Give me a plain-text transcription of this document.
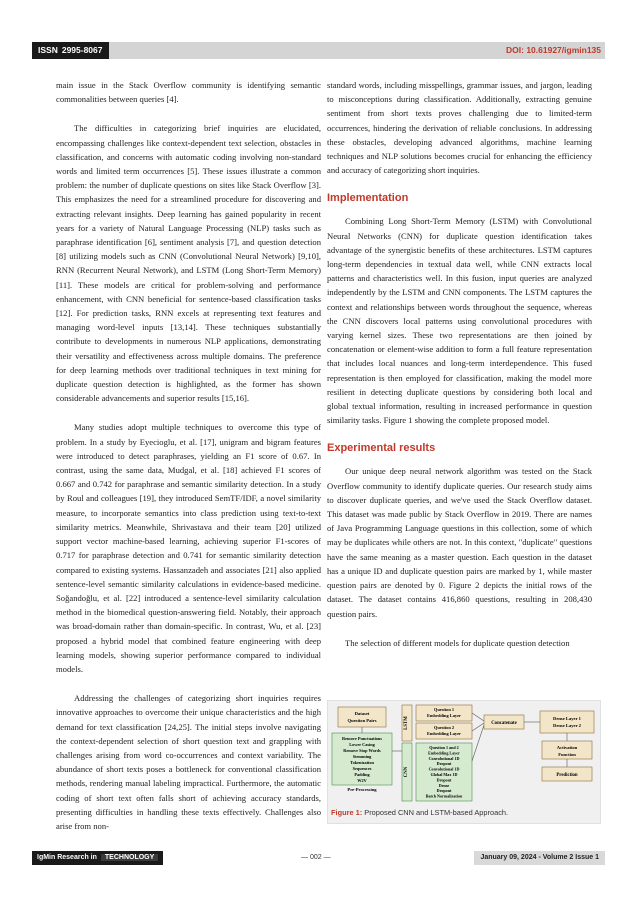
ISSN 2995-8067	DOI: 10.61927/igmin135

main issue in the Stack Overflow community is identifying semantic commonalities between queries [4].

The difficulties in categorizing brief inquiries are elucidated, encompassing challenges like context-dependent text selection, obstacles in classification, and concerns with automatic coding involving non-standard words and limited term occurrences [5]. These issues illustrate a common problem: the number of duplicate questions on sites like Stack Overflow [3]. This emphasizes the need for a streamlined procedure for discovering and extracting relevant insights. Deep learning has gained popularity in recent years for a variety of Natural Language Processing (NLP) tasks such as paraphrase identification [6], sentiment analysis [7], and question detection [8] utilizing models such as CNN (Convolutional Neural Network) [9,10], RNN (Recurrent Neural Network), and LSTM (Long Short-Term Memory) [11]. These models are critical for problem-solving and performance enhancement, with CNN beneficial for sentence-based classification tasks [12]. For prediction tasks, RNN excels at representing text features and managing word-level inputs [13,14]. These techniques substantially contribute to developments in numerous NLP applications, demonstrating their versatility and effectiveness across multiple domains. The preference for deep learning methods over traditional techniques in text mining for duplicate question detection is highlighted, as the former has shown considerable advancements and superior results [15,16].

Many studies adopt multiple techniques to overcome this type of problem. In a study by Eyecioglu, et al. [17], unigram and bigram features were introduced to detect paraphrases, yielding an F1 score of 0.67. In contrast, using the same data, Mudgal, et al. [18] achieved F1 scores of 0.667 and 0.742 for paraphrase and semantic similarity detection. In a study by Roul and colleagues [19], they introduced SemTF/IDF, a novel similarity measure, to incorporate semantics into class prediction using text-to-text similarity metrics. Meanwhile, Shrivastava and their team [20] utilized support vector machine-based learning, achieving superior F1-scores of 0.717 for paraphrase detection and 0.741 for semantic similarity detection compared to existing systems. Hassanzadeh and associates [21] also applied sentence-level semantic similarity calculations in evidence-based medicine. Soğandoğlu, et al. [22] introduced a sentence-level similarity calculation method in the biomedical question-answering field. Notably, their approach was broad-domain rather than domain-specific. In contrast, Wu, et al. [23] proposed a hybrid model that combined feature engineering with deep learning models, showing superior performance compared to individual models.

Addressing the challenges of categorizing short inquiries requires innovative approaches to overcome their unique characteristics and the high demand for text classification [24,25]. The initial steps involve navigating the context-dependent selection of short question text and grappling with challenges arising from word co-occurrences and context variability. The abundance of short texts poses a bottleneck for conventional classification methods, rendering manual labeling impractical. Furthermore, the automatic coding of short text often falls short of achieving accuracy standards, presenting difficulties in handling these texts effectively. Challenges also arise from non-

standard words, including misspellings, grammar issues, and jargon, leading to misconceptions during classification. Additionally, extracting genuine sentiment from short texts proves challenging due to limited-term occurrences, hindering the derivation of reliable conclusions. In addressing these obstacles, developing advanced algorithms, machine learning techniques and NLP solutions becomes crucial for enhancing the efficiency and accuracy of categorizing short inquiries.

Implementation

Combining Long Short-Term Memory (LSTM) with Convolutional Neural Networks (CNN) for duplicate question identification takes advantage of the synergistic benefits of these architectures. LSTM captures long-term dependencies in textual data well, while CNN extracts local patterns and characteristics well. In this fusion, input queries are analyzed independently by the LSTM and CNN components. The LSTM captures the context and relationships between words throughout the sequence, whereas the CNN discovers local patterns using convolutional procedures with varying kernel sizes. These two representations are then joined by concatenation or element-wise addition to form a full feature representation that includes local nuances and long-term interdependence. This fused representation is then employed for classification, making the model more resilient in detecting duplicate questions by considering both local and global textual information, resulting in increased performance in question similarity tasks. Figure 1 showing the complete proposed model.

Experimental results

Our unique deep neural network algorithm was tested on the Stack Overflow community to identify duplicate queries. Our research study aims to discover duplicate queries, and we've used the Stack Overflow dataset. This dataset was made public by Stack Overflow in 2019. There are names of Java Programming Language questions in this collection, some of which may be duplicates while others are not. In this context, "duplicate" questions have the same meaning as a master question. Each question in the dataset has a unique ID and duplicate question pairs are marked by 1, while master question pairs are denoted by 0. Figure 2 depicts the initial rows of the dataset. The dataset contains 416,860 questions, resulting in 208,430 question pairs.

The selection of different models for duplicate question detection

Dataset
Question Pairs
Remove Punctuations
Lower Casing
Remove Stop Words
Stemming
Tokenization
Sequences
Padding
W2V
Pre-Processing
LSTM
CNN
Question 1
Embedding Layer
Question 2
Embedding Layer
Question 1 and 2
Embedding Layer
Convolutional 1D
Dropout
Convolutional 1D
Global Max 1D
Dropout
Dense
Dropout
Batch Normalization
Concatenate
Dense Layer 1
Dense Layer 2
Activation
Function
Prediction
Figure 1: Proposed CNN and LSTM-based Approach.
IgMin Research in TECHNOLOGY	— 002 —	January 09, 2024 - Volume 2 Issue 1
